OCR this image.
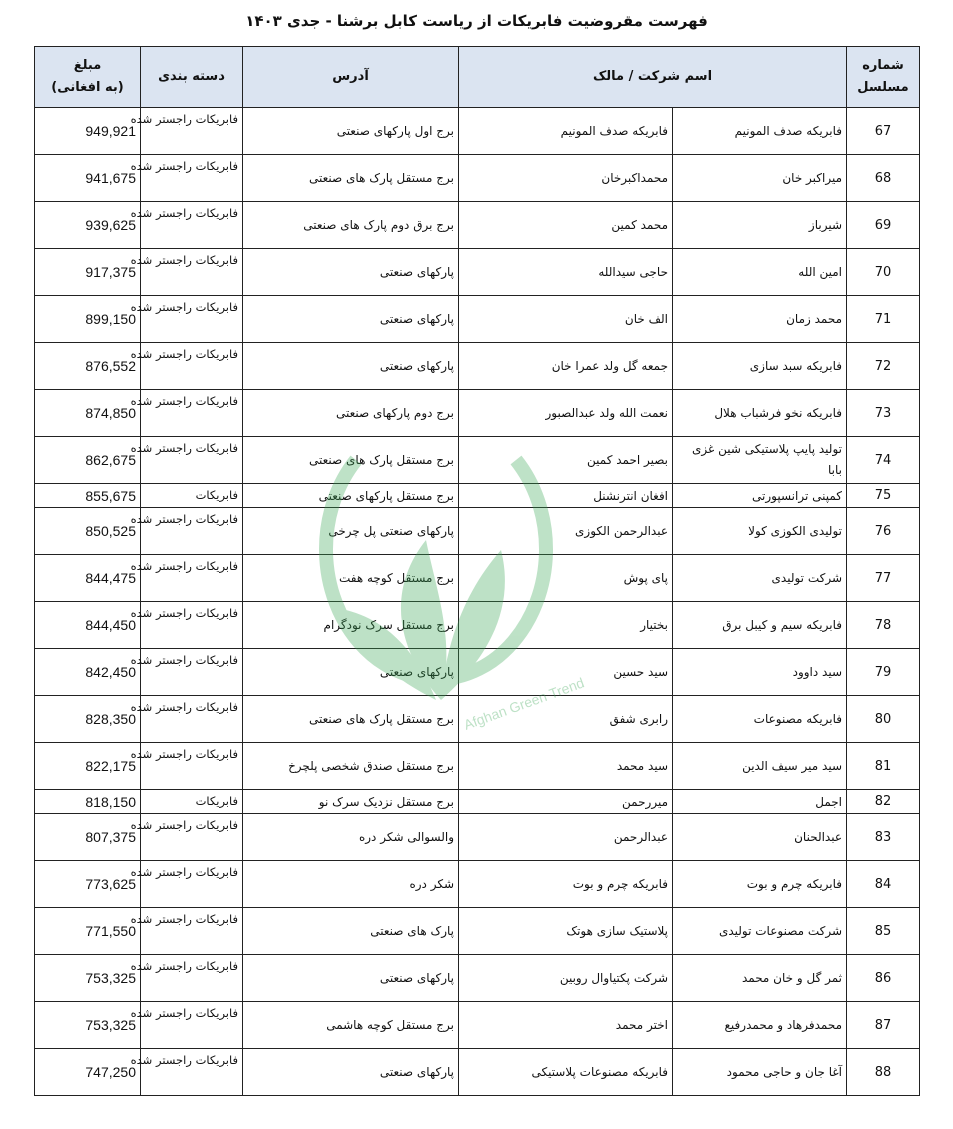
فهرست مقروضیت فابریکات از ریاست کابل برشنا - جدی ۱۴۰۳
شماره مسلسل	اسم شرکت / مالک		آدرس	دسته بندی	مبلغ
(به افغانی)

67	فابریکه صدف المونیم	فابریکه صدف المونیم	برج اول پارکهای صنعتی	فابریکات راجستر شده	949,921
68	میراکبر خان	محمداکبرخان	برج مستقل پارک های صنعتی	فابریکات راجستر شده	941,675
69	شیرباز	محمد کمین	برج برق دوم پارک های صنعتی	فابریکات راجستر شده	939,625
70	امین الله	حاجی سیدالله	پارکهای صنعتی	فابریکات راجستر شده	917,375
71	محمد زمان	الف خان	پارکهای صنعتی	فابریکات راجستر شده	899,150
72	فابریکه سبد سازی	جمعه گل ولد عمرا خان	پارکهای صنعتی	فابریکات راجستر شده	876,552
73	فابریکه نخو فرشباب هلال	نعمت الله ولد عبدالصبور	برج دوم پارکهای صنعتی	فابریکات راجستر شده	874,850
74	تولید پایپ پلاستیکی شین غزی بابا	بصیر احمد کمین	برج مستقل پارک های صنعتی	فابریکات راجستر شده	862,675
75	کمپنی ترانسپورتی	افغان انترنشنل	برج مستقل پارکهای صنعتی	فابریکات	855,675
76	تولیدی الکوزی کولا	عبدالرحمن الکوزی	پارکهای صنعتی پل چرخی	فابریکات راجستر شده	850,525
77	شرکت تولیدی	پای پوش	برج مستقل کوچه هفت	فابریکات راجستر شده	844,475
78	فابریکه سیم و کیبل برق	بختیار	برج مستقل سرک نودگرام	فابریکات راجستر شده	844,450
79	سید داوود	سید حسین	پارکهای صنعتی	فابریکات راجستر شده	842,450
80	فابریکه مصنوعات	رابری شفق	برج مستقل پارک های صنعتی	فابریکات راجستر شده	828,350
81	سید میر سیف الدین	سید محمد	برج مستقل صندق شخصی پلچرخ	فابریکات راجستر شده	822,175
82	اجمل	میررحمن	برج مستقل نزدیک سرک نو	فابریکات	818,150
83	عبدالحنان	عبدالرحمن	والسوالی شکر دره	فابریکات راجستر شده	807,375
84	فابریکه چرم و بوت	فابریکه چرم و بوت	شکر دره	فابریکات راجستر شده	773,625
85	شرکت مصنوعات تولیدی	پلاستیک سازی هوتک	پارک های صنعتی	فابریکات راجستر شده	771,550
86	ثمر گل و خان محمد	شرکت پکتیاوال روبین	پارکهای صنعتی	فابریکات راجستر شده	753,325
87	محمدفرهاد و محمدرفیع	اختر محمد	برج مستقل کوچه هاشمی	فابریکات راجستر شده	753,325
88	آغا جان و حاجی محمود	فابریکه مصنوعات پلاستیکی	پارکهای صنعتی	فابریکات راجستر شده	747,250
Afghan Green Trend
